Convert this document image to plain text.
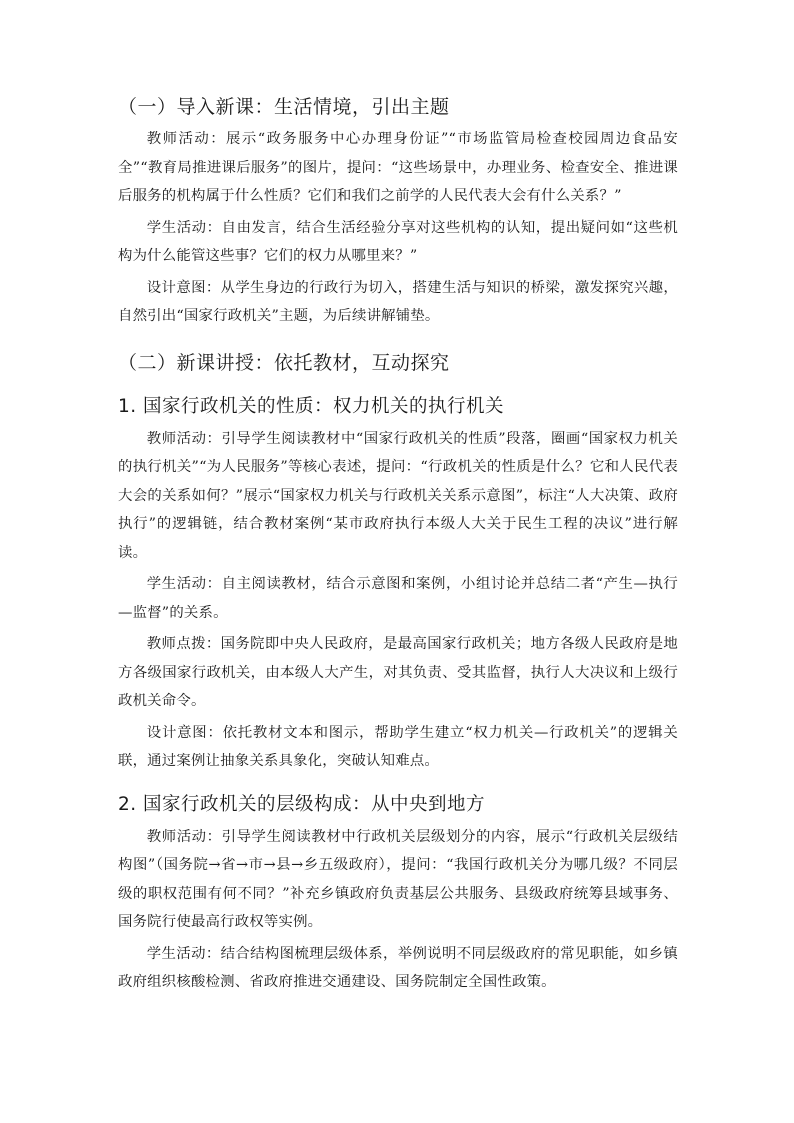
（一）导入新课：生活情境，引出主题

教师活动：展示“政务服务中心办理身份证”“市场监管局检查校园周边食品安全”“教育局推进课后服务”的图片，提问：“这些场景中，办理业务、检查安全、推进课后服务的机构属于什么性质？它们和我们之前学的人民代表大会有什么关系？”

学生活动：自由发言，结合生活经验分享对这些机构的认知，提出疑问如“这些机构为什么能管这些事？它们的权力从哪里来？”

设计意图：从学生身边的行政行为切入，搭建生活与知识的桥梁，激发探究兴趣，自然引出“国家行政机关”主题，为后续讲解铺垫。

（二）新课讲授：依托教材，互动探究
1. 国家行政机关的性质：权力机关的执行机关

教师活动：引导学生阅读教材中“国家行政机关的性质”段落，圈画“国家权力机关的执行机关”“为人民服务”等核心表述，提问：“行政机关的性质是什么？它和人民代表大会的关系如何？”展示“国家权力机关与行政机关关系示意图”，标注“人大决策、政府执行”的逻辑链，结合教材案例“某市政府执行本级人大关于民生工程的决议”进行解读。

学生活动：自主阅读教材，结合示意图和案例，小组讨论并总结二者“产生—执行—监督”的关系。

教师点拨：国务院即中央人民政府，是最高国家行政机关；地方各级人民政府是地方各级国家行政机关，由本级人大产生，对其负责、受其监督，执行人大决议和上级行政机关命令。

设计意图：依托教材文本和图示，帮助学生建立“权力机关—行政机关”的逻辑关联，通过案例让抽象关系具象化，突破认知难点。

2. 国家行政机关的层级构成：从中央到地方

教师活动：引导学生阅读教材中行政机关层级划分的内容，展示“行政机关层级结构图”（国务院→省→市→县→乡五级政府），提问：“我国行政机关分为哪几级？不同层级的职权范围有何不同？”补充乡镇政府负责基层公共服务、县级政府统筹县域事务、国务院行使最高行政权等实例。

学生活动：结合结构图梳理层级体系，举例说明不同层级政府的常见职能，如乡镇政府组织核酸检测、省政府推进交通建设、国务院制定全国性政策。
